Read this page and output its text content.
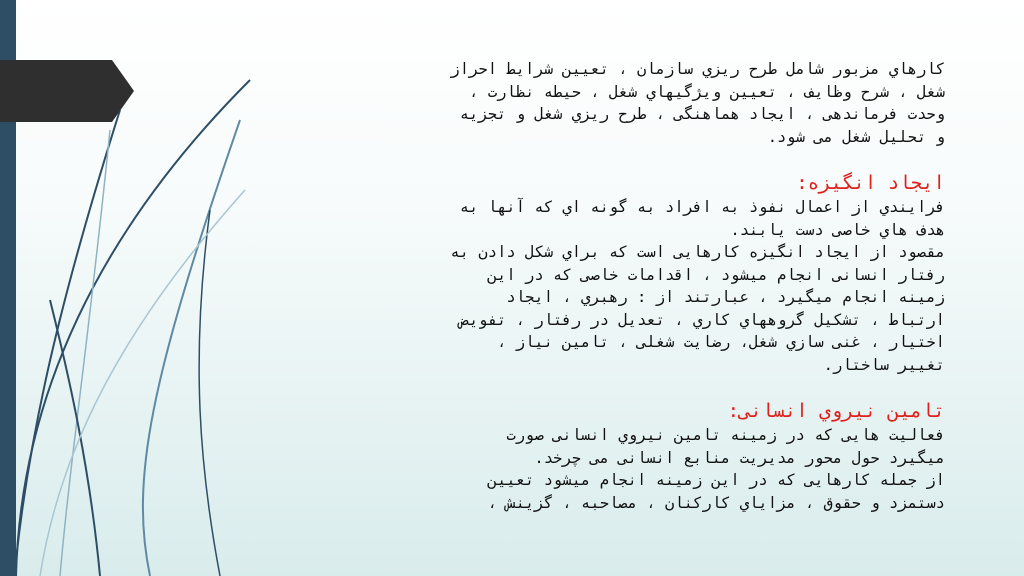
کارهاي مزبور شامل طرح ريزي سازمان ، تعيين شرايط احراز
شغل ، شرح وظايف ، تعيين ويژگيهاي شغل ، حيطه نظارت ،
وحدت فرماندهی ، ايجاد هماهنگی ، طرح ريزي شغل و تجزيه
و تحليل شغل می شود.

ايجاد انگيزه:

فرايندي از اعمال نفوذ به افراد به گونه اي كه آنها به
هدف هاي خاصی دست يابند.

مقصود از ايجاد انگيزه كارهايی است كه براي شكل دادن به
رفتار انسانی انجام ميشود ، اقدامات خاصی كه در اين
زمينه انجام ميگيرد ، عبارتند از : رهبري ، ايجاد
ارتباط ، تشكيل گروههاي كاري ، تعديل در رفتار ، تفويض
اختيار ، غنی سازي شغل، رضايت شغلی ، تامين نياز ،
تغيير ساختار.

تامين نيروي انسانی:

فعاليت هايی كه در زمينه تامين نيروي انسانی صورت
ميگيرد حول محور مديريت منابع انسانی می چرخد.

از جمله كارهايی كه در اين زمينه انجام ميشود تعيين
دستمزد و حقوق ، مزاياي كاركنان ، مصاحبه ، گزينش ،
